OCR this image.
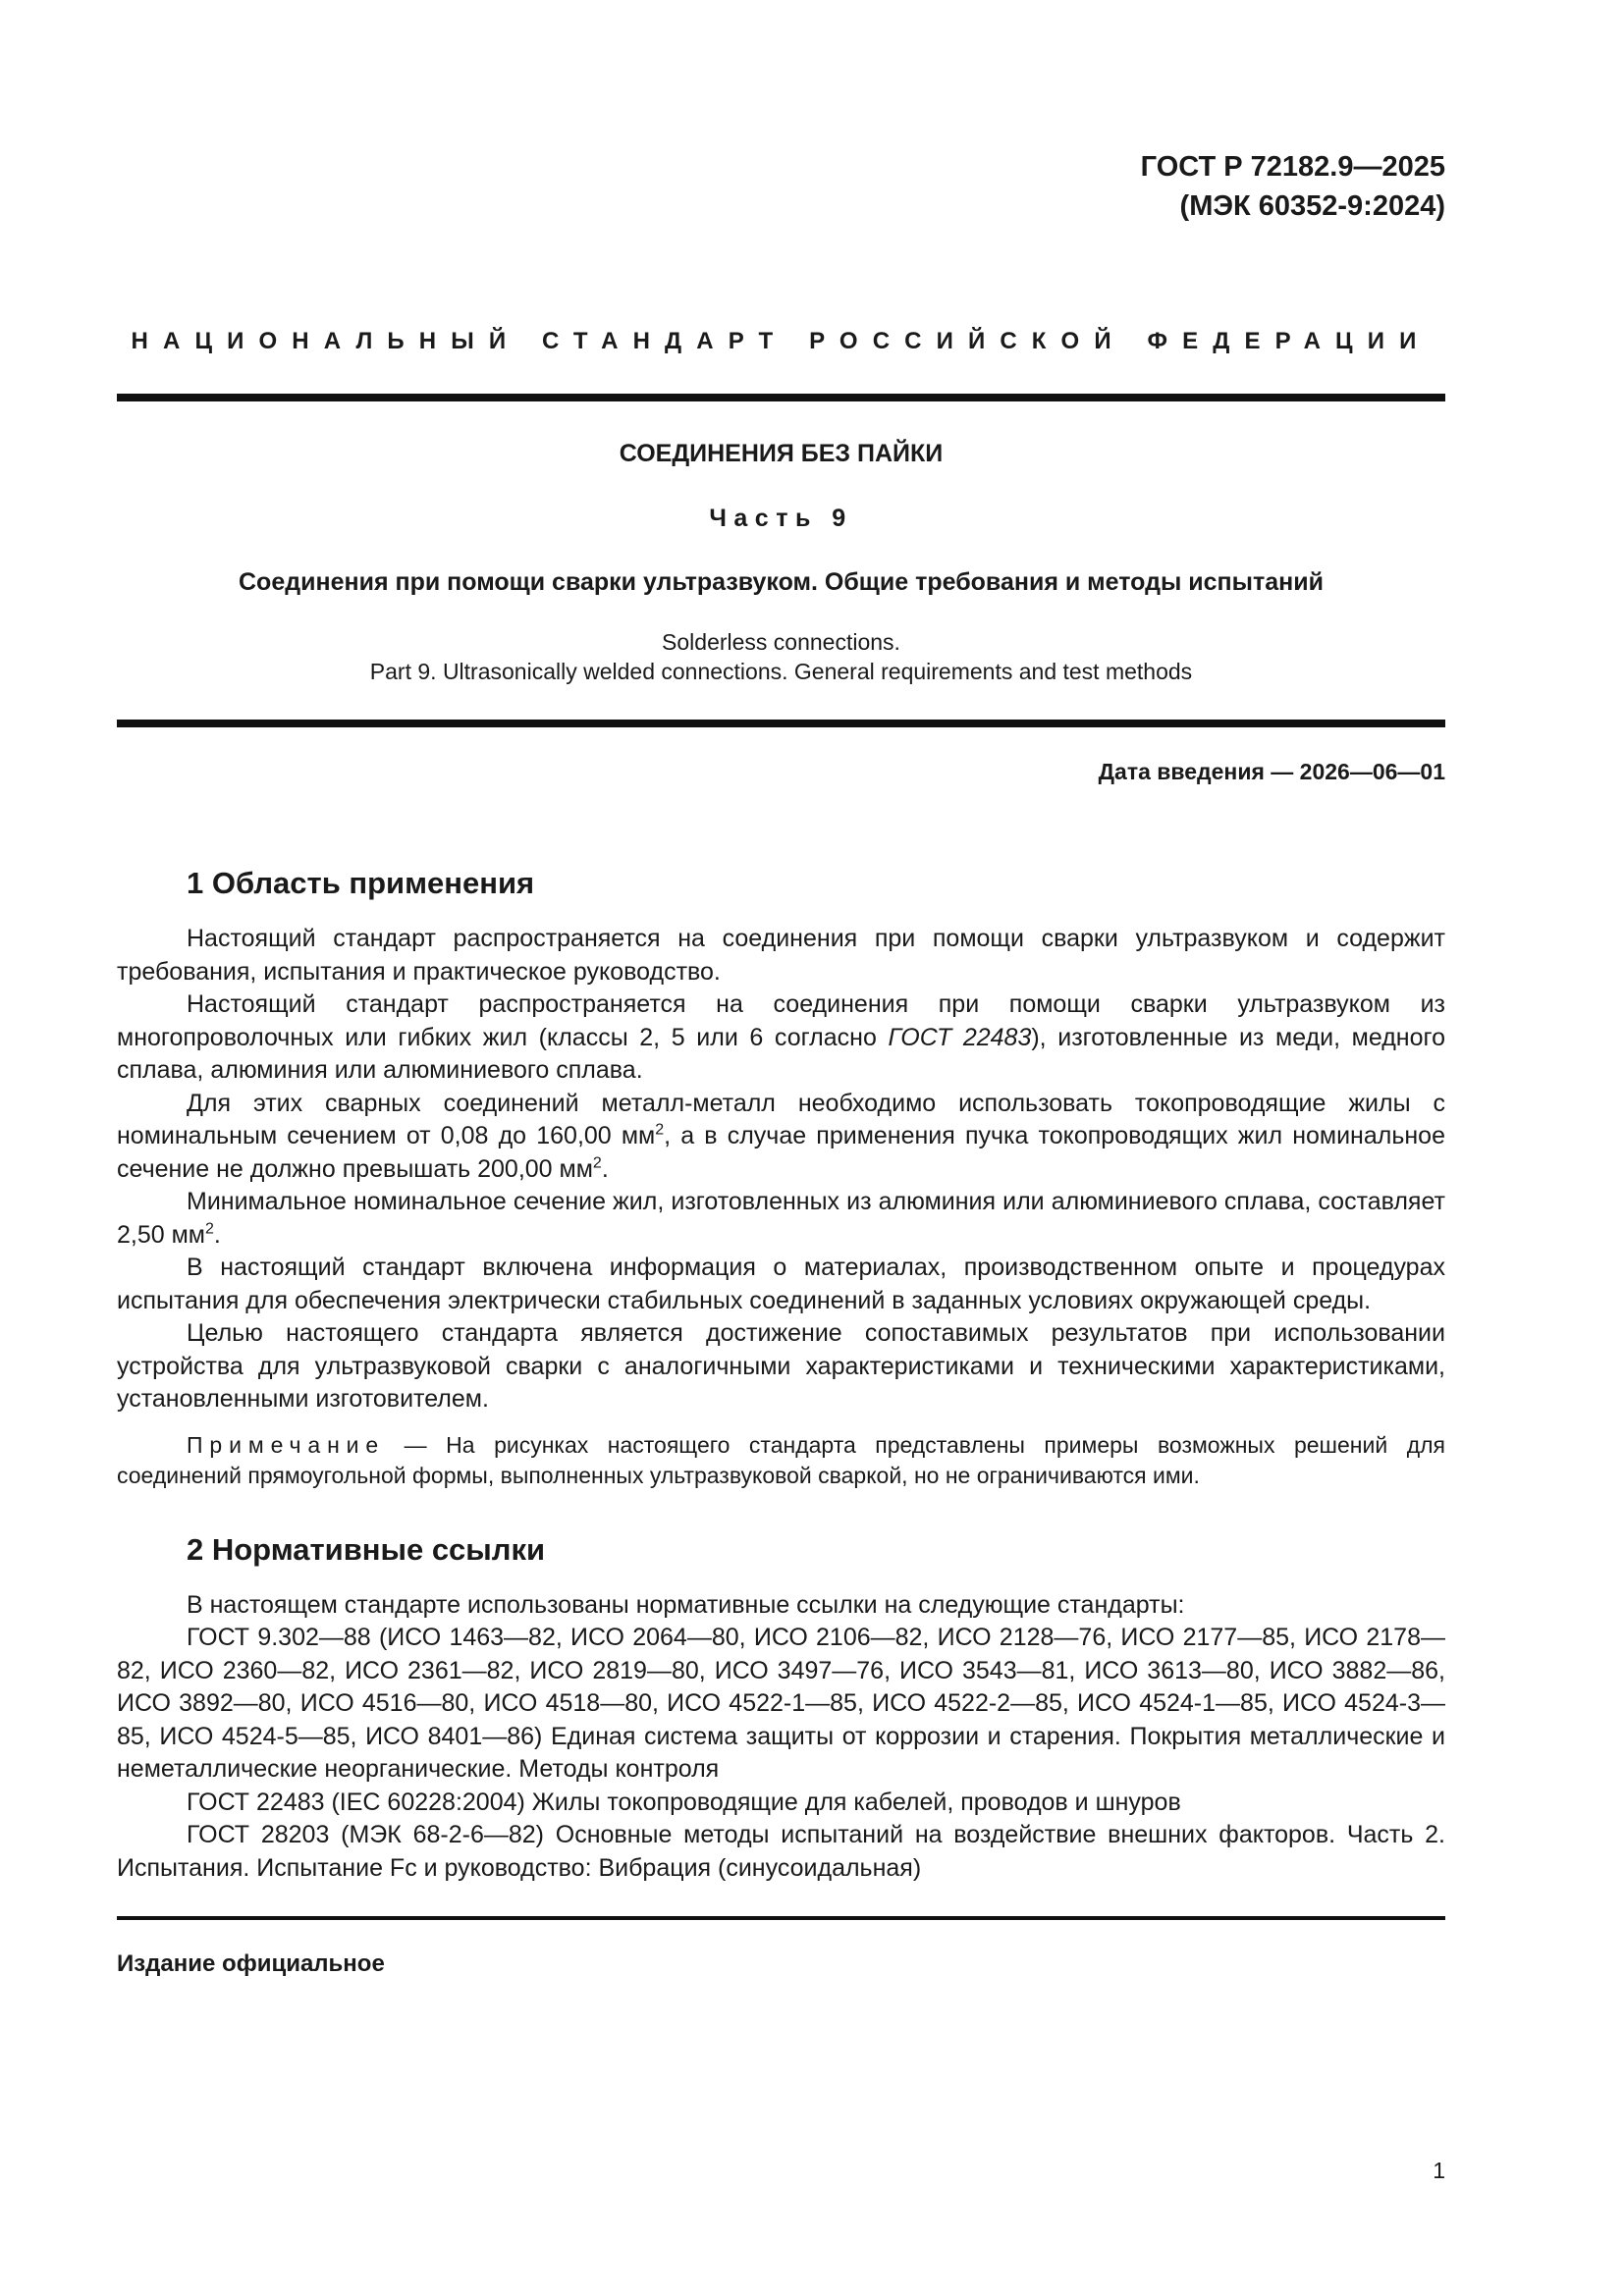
ГОСТ Р 72182.9—2025
(МЭК 60352-9:2024)

НАЦИОНАЛЬНЫЙ СТАНДАРТ РОССИЙСКОЙ ФЕДЕРАЦИИ

СОЕДИНЕНИЯ БЕЗ ПАЙКИ

Часть 9

Соединения при помощи сварки ультразвуком. Общие требования и методы испытаний

Solderless connections.
Part 9. Ultrasonically welded connections. General requirements and test methods

Дата введения — 2026—06—01

1 Область применения

Настоящий стандарт распространяется на соединения при помощи сварки ультразвуком и содержит требования, испытания и практическое руководство.

Настоящий стандарт распространяется на соединения при помощи сварки ультразвуком из многопроволочных или гибких жил (классы 2, 5 или 6 согласно ГОСТ 22483), изготовленные из меди, медного сплава, алюминия или алюминиевого сплава.

Для этих сварных соединений металл-металл необходимо использовать токопроводящие жилы с номинальным сечением от 0,08 до 160,00 $мм^2$, а в случае применения пучка токопроводящих жил номинальное сечение не должно превышать 200,00 $мм^2$.

Минимальное номинальное сечение жил, изготовленных из алюминия или алюминиевого сплава, составляет 2,50 $мм^2$.

В настоящий стандарт включена информация о материалах, производственном опыте и процедурах испытания для обеспечения электрически стабильных соединений в заданных условиях окружающей среды.

Целью настоящего стандарта является достижение сопоставимых результатов при использовании устройства для ультразвуковой сварки с аналогичными характеристиками и техническими характеристиками, установленными изготовителем.

Примечание — На рисунках настоящего стандарта представлены примеры возможных решений для соединений прямоугольной формы, выполненных ультразвуковой сваркой, но не ограничиваются ими.

2 Нормативные ссылки

В настоящем стандарте использованы нормативные ссылки на следующие стандарты:

ГОСТ 9.302—88 (ИСО 1463—82, ИСО 2064—80, ИСО 2106—82, ИСО 2128—76, ИСО 2177—85, ИСО 2178—82, ИСО 2360—82, ИСО 2361—82, ИСО 2819—80, ИСО 3497—76, ИСО 3543—81, ИСО 3613—80, ИСО 3882—86, ИСО 3892—80, ИСО 4516—80, ИСО 4518—80, ИСО 4522-1—85, ИСО 4522-2—85, ИСО 4524-1—85, ИСО 4524-3—85, ИСО 4524-5—85, ИСО 8401—86) Единая система защиты от коррозии и старения. Покрытия металлические и неметаллические неорганические. Методы контроля

ГОСТ 22483 (IEC 60228:2004) Жилы токопроводящие для кабелей, проводов и шнуров

ГОСТ 28203 (МЭК 68-2-6—82) Основные методы испытаний на воздействие внешних факторов. Часть 2. Испытания. Испытание Fc и руководство: Вибрация (синусоидальная)

Издание официальное

1
